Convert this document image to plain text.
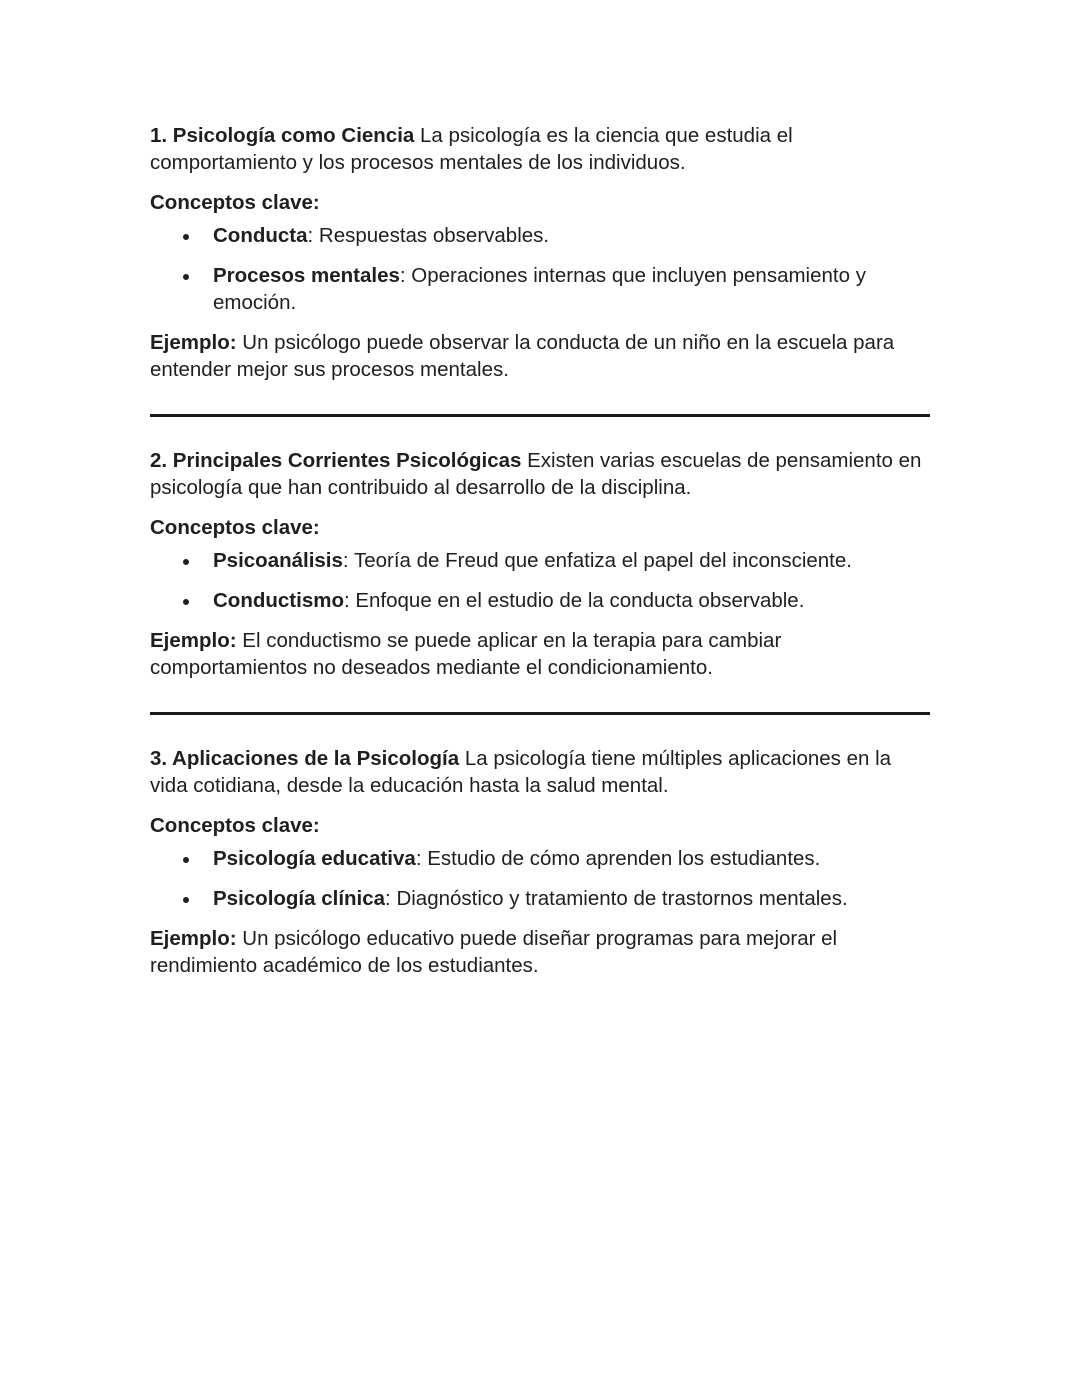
1. Psicología como Ciencia La psicología es la ciencia que estudia el comportamiento y los procesos mentales de los individuos.

Conceptos clave:

Conducta: Respuestas observables.
Procesos mentales: Operaciones internas que incluyen pensamiento y emoción.

Ejemplo: Un psicólogo puede observar la conducta de un niño en la escuela para entender mejor sus procesos mentales.

2. Principales Corrientes Psicológicas Existen varias escuelas de pensamiento en psicología que han contribuido al desarrollo de la disciplina.

Conceptos clave:

Psicoanálisis: Teoría de Freud que enfatiza el papel del inconsciente.
Conductismo: Enfoque en el estudio de la conducta observable.

Ejemplo: El conductismo se puede aplicar en la terapia para cambiar comportamientos no deseados mediante el condicionamiento.

3. Aplicaciones de la Psicología La psicología tiene múltiples aplicaciones en la vida cotidiana, desde la educación hasta la salud mental.

Conceptos clave:

Psicología educativa: Estudio de cómo aprenden los estudiantes.
Psicología clínica: Diagnóstico y tratamiento de trastornos mentales.

Ejemplo: Un psicólogo educativo puede diseñar programas para mejorar el rendimiento académico de los estudiantes.
